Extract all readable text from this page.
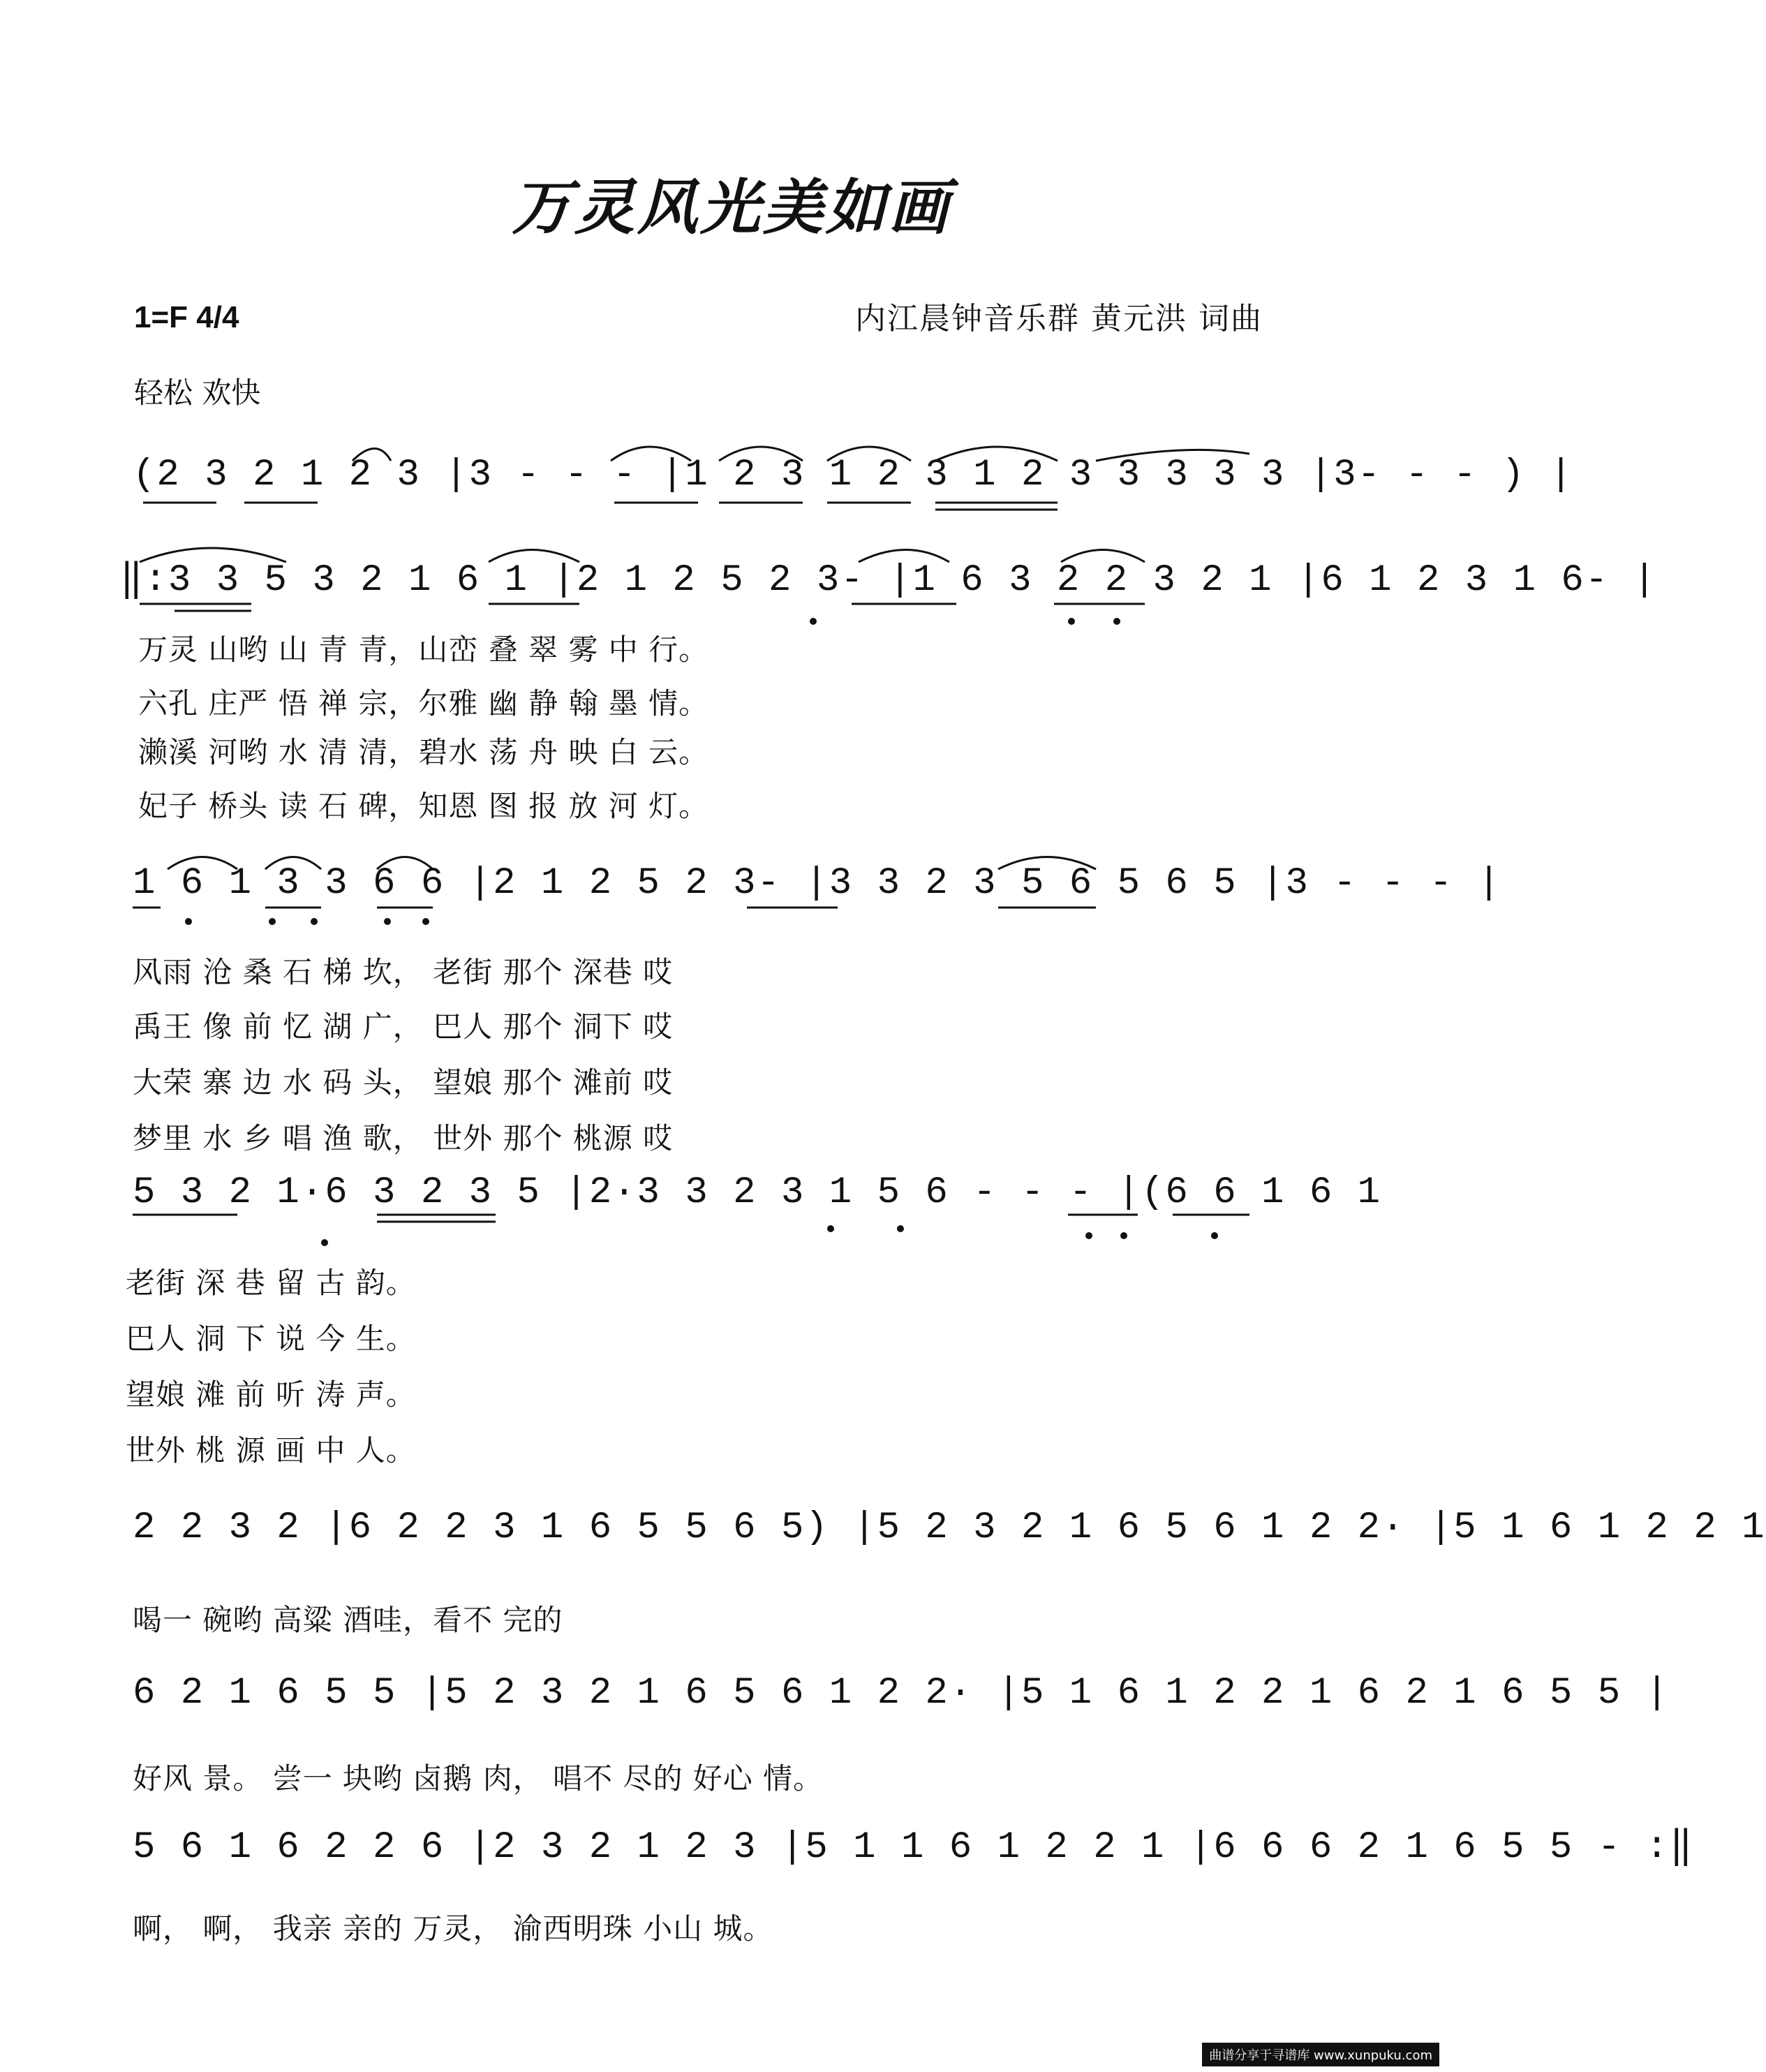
万灵风光美如画
1=F 4/4
轻松 欢快
内江晨钟音乐群 黄元洪 词曲
(2 3 2 1 2 3 |3 - - - |1 2 3 1 2 3 1 2 3 3 3 3 3 |3- - - ) |
‖:3 3 5 3 2 1 6 1 |2 1 2 5 2 3- |1 6 3 2 2 3 2 1 |6 1 2 3 1 6- |
万灵 山哟 山 青 青，山峦 叠 翠 雾 中 行。
六孔 庄严 悟 禅 宗，尔雅 幽 静 翰 墨 情。
濑溪 河哟 水 清 清，碧水 荡 舟 映 白 云。
妃子 桥头 读 石 碑，知恩 图 报 放 河 灯。
1 6 1 3 3 6 6 |2 1 2 5 2 3- |3 3 2 3 5 6 5 6 5 |3 - - - |
风雨 沧 桑 石 梯 坎， 老街 那个 深巷 哎
禹王 像 前 忆 湖 广， 巴人 那个 洞下 哎
大荣 寨 边 水 码 头， 望娘 那个 滩前 哎
梦里 水 乡 唱 渔 歌， 世外 那个 桃源 哎
5 3 2 1·6 3 2 3 5 |2·3 3 2 3 1 5 6 - - - |(6 6 1 6 1
老街 深 巷 留 古 韵。
巴人 洞 下 说 今 生。
望娘 滩 前 听 涛 声。
世外 桃 源 画 中 人。
2 2 3 2 |6 2 2 3 1 6 5 5 6 5) |5 2 3 2 1 6 5 6 1 2 2· |5 1 6 1 2 2 1
喝一 碗哟 高粱 酒哇，看不 完的
6 2 1 6 5 5 |5 2 3 2 1 6 5 6 1 2 2· |5 1 6 1 2 2 1 6 2 1 6 5 5 |
好风 景。 尝一 块哟 卤鹅 肉， 唱不 尽的 好心 情。
5 6 1 6 2 2 6 |2 3 2 1 2 3 |5 1 1 6 1 2 2 1 |6 6 6 2 1 6 5 5 - :‖
啊， 啊， 我亲 亲的 万灵， 渝西明珠 小山 城。
曲谱分享于寻谱库 www.xunpuku.com
